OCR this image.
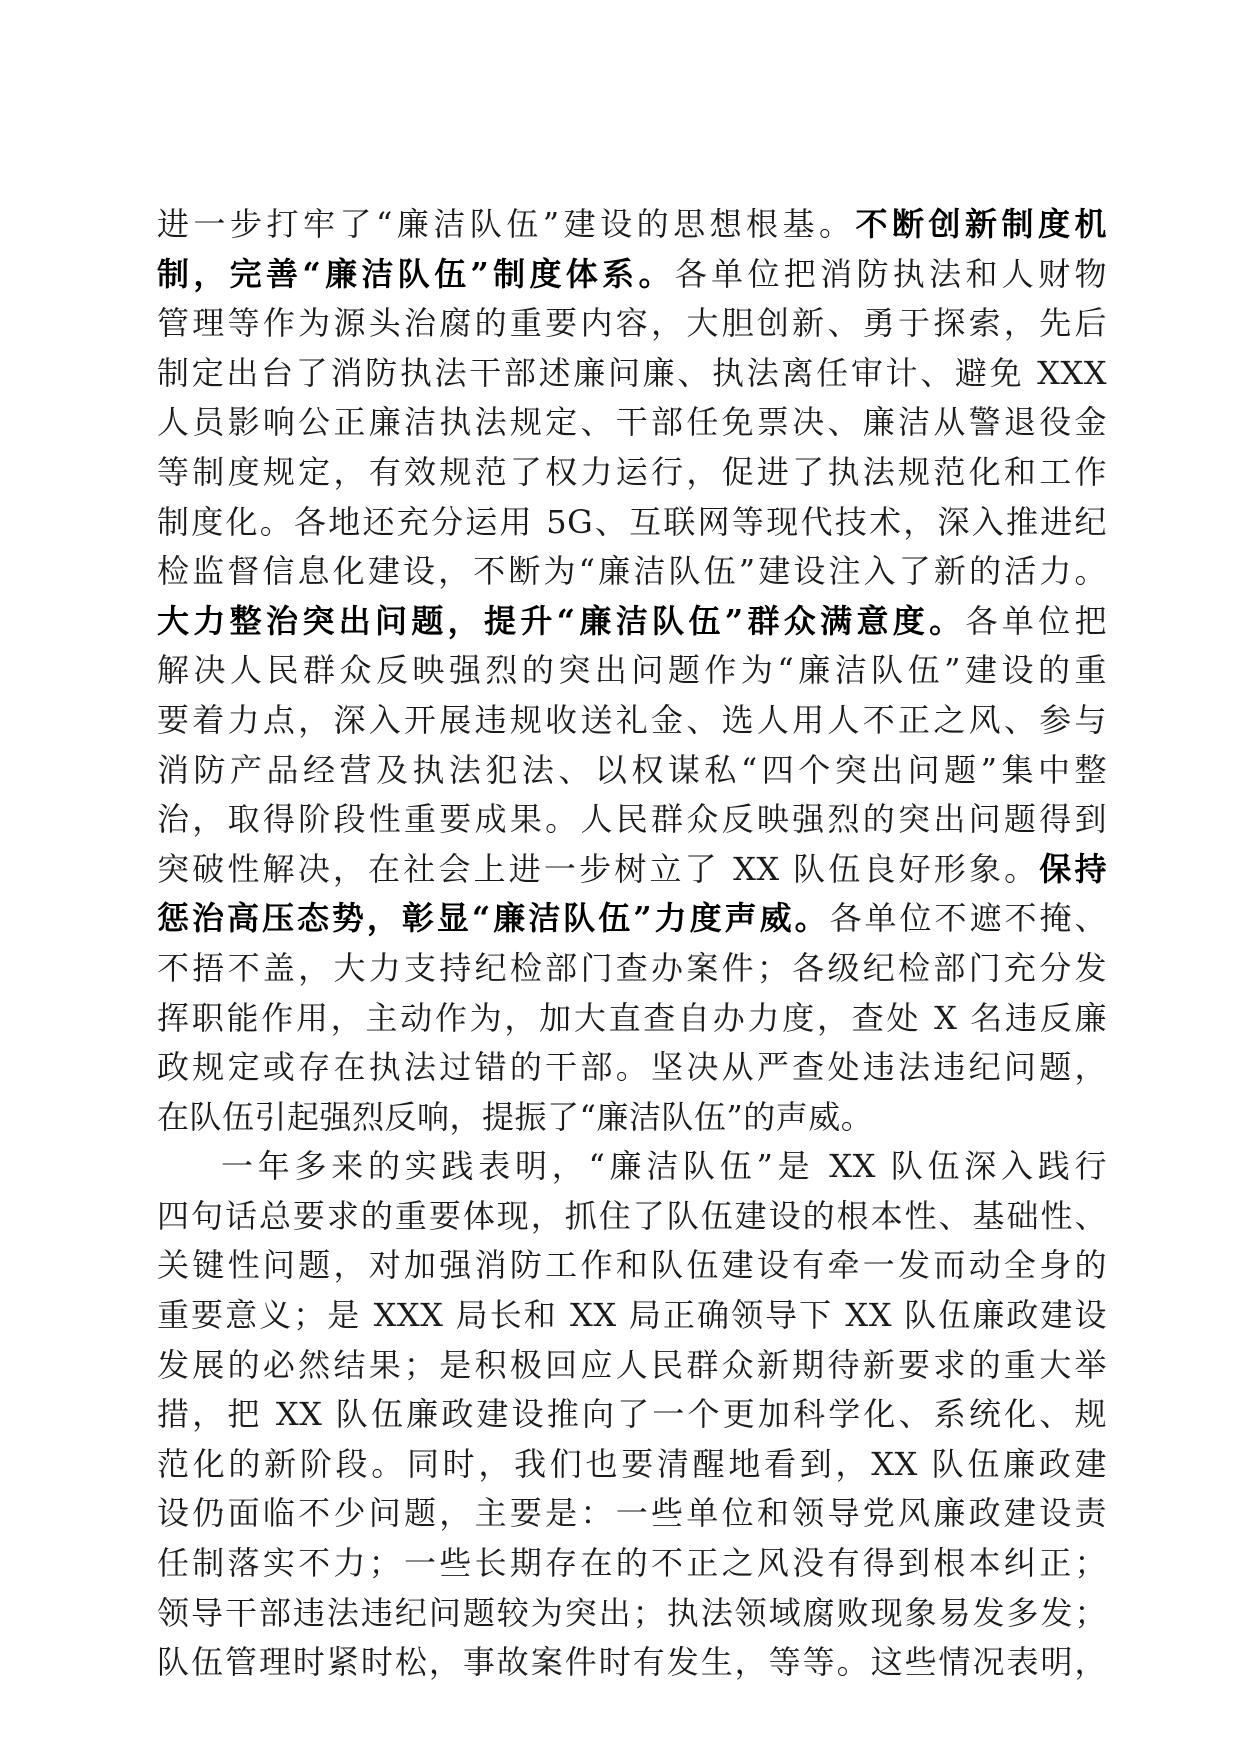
进一步打牢了“廉洁队伍”建设的思想根基。不断创新制度机
制，完善“廉洁队伍”制度体系。各单位把消防执法和人财物
管理等作为源头治腐的重要内容，大胆创新、勇于探索，先后
制定出台了消防执法干部述廉问廉、执法离任审计、避免 XXX
人员影响公正廉洁执法规定、干部任免票决、廉洁从警退役金
等制度规定，有效规范了权力运行，促进了执法规范化和工作
制度化。各地还充分运用 5G、互联网等现代技术，深入推进纪
检监督信息化建设，不断为“廉洁队伍”建设注入了新的活力。
大力整治突出问题，提升“廉洁队伍”群众满意度。各单位把
解决人民群众反映强烈的突出问题作为“廉洁队伍”建设的重
要着力点，深入开展违规收送礼金、选人用人不正之风、参与
消防产品经营及执法犯法、以权谋私“四个突出问题”集中整
治，取得阶段性重要成果。人民群众反映强烈的突出问题得到
突破性解决，在社会上进一步树立了 XX 队伍良好形象。保持
惩治高压态势，彰显“廉洁队伍”力度声威。各单位不遮不掩、
不捂不盖，大力支持纪检部门查办案件；各级纪检部门充分发
挥职能作用，主动作为，加大直查自办力度，查处 X 名违反廉
政规定或存在执法过错的干部。坚决从严查处违法违纪问题，
在队伍引起强烈反响，提振了“廉洁队伍”的声威。
一年多来的实践表明，“廉洁队伍”是 XX 队伍深入践行
四句话总要求的重要体现，抓住了队伍建设的根本性、基础性、
关键性问题，对加强消防工作和队伍建设有牵一发而动全身的
重要意义；是 XXX 局长和 XX 局正确领导下 XX 队伍廉政建设
发展的必然结果；是积极回应人民群众新期待新要求的重大举
措，把 XX 队伍廉政建设推向了一个更加科学化、系统化、规
范化的新阶段。同时，我们也要清醒地看到，XX 队伍廉政建
设仍面临不少问题，主要是：一些单位和领导党风廉政建设责
任制落实不力；一些长期存在的不正之风没有得到根本纠正；
领导干部违法违纪问题较为突出；执法领域腐败现象易发多发；
队伍管理时紧时松，事故案件时有发生，等等。这些情况表明，
